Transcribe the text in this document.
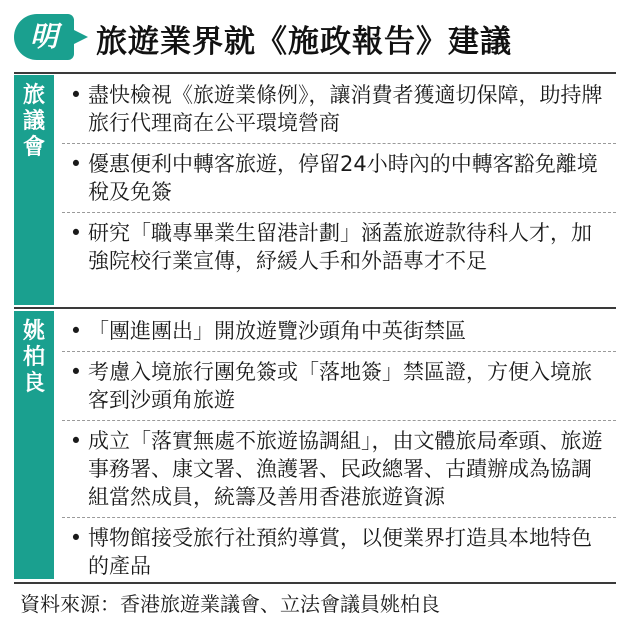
明	旅遊業界就《施政報告》建議
旅
議
會
• 盡快檢視《旅遊業條例》，讓消費者獲適切保障，助持牌旅行代理商在公平環境營商
• 優惠便利中轉客旅遊，停留24小時內的中轉客豁免離境稅及免簽
• 研究「職專畢業生留港計劃」涵蓋旅遊款待科人才，加強院校行業宣傳，紓緩人手和外語專才不足
姚
柏
良
• 「團進團出」開放遊覽沙頭角中英街禁區
• 考慮入境旅行團免簽或「落地簽」禁區證，方便入境旅客到沙頭角旅遊
• 成立「落實無處不旅遊協調組」，由文體旅局牽頭、旅遊事務署、康文署、漁護署、民政總署、古蹟辦成為協調組當然成員，統籌及善用香港旅遊資源
• 博物館接受旅行社預約導賞，以便業界打造具本地特色的產品
資料來源：香港旅遊業議會、立法會議員姚柏良
